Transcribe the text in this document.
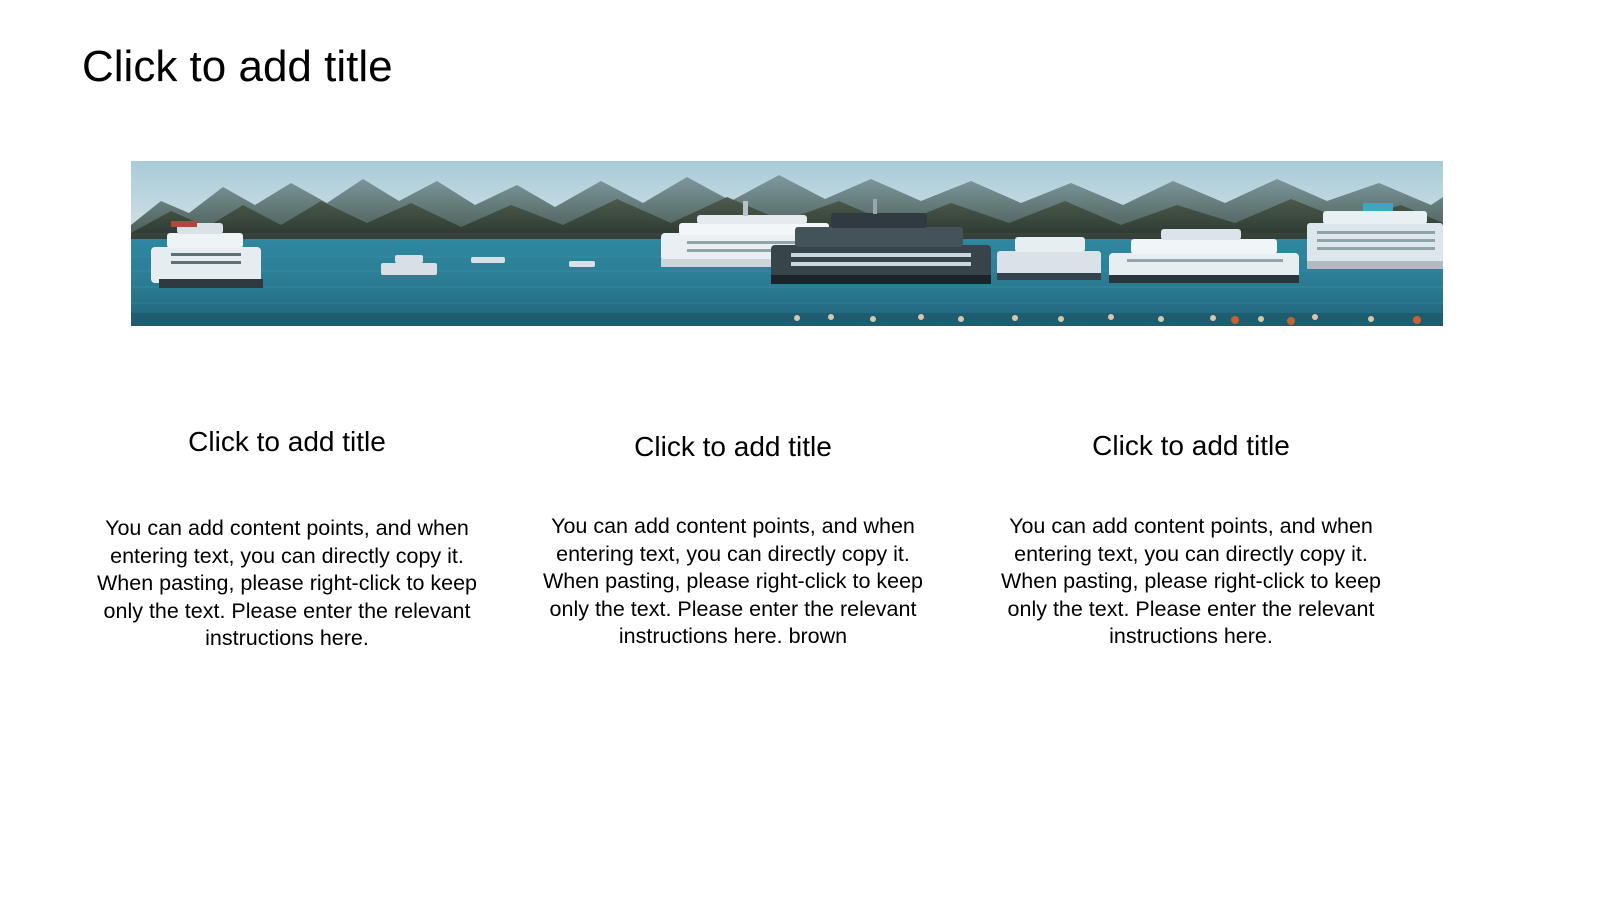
Click to add title
Click to add title
You can add content points, and when entering text, you can directly copy it. When pasting, please right-click to keep only the text. Please enter the relevant instructions here.
Click to add title
You can add content points, and when entering text, you can directly copy it. When pasting, please right-click to keep only the text. Please enter the relevant instructions here. brown
Click to add title
You can add content points, and when entering text, you can directly copy it. When pasting, please right-click to keep only the text. Please enter the relevant instructions here.
